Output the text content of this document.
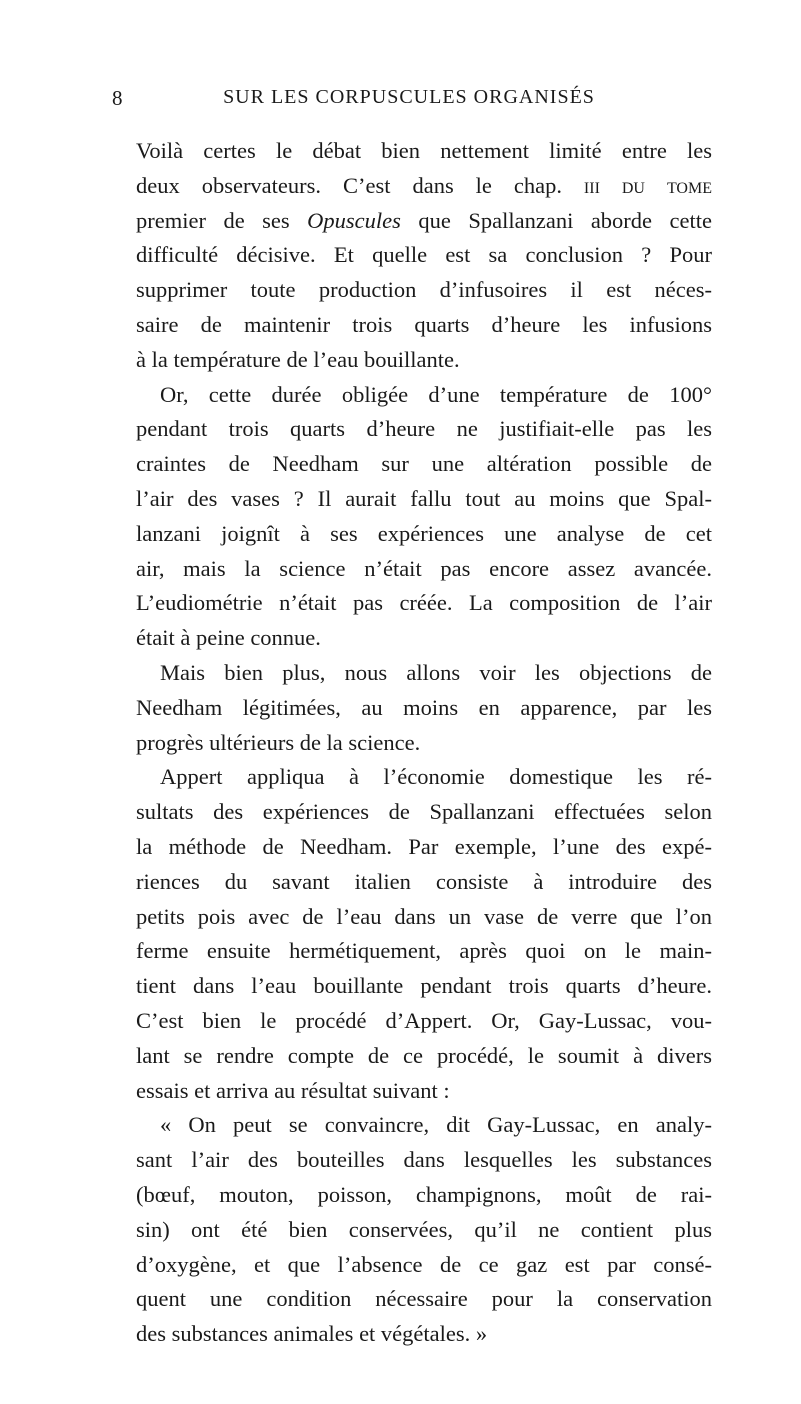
8	SUR LES CORPUSCULES ORGANISÉS
Voilà certes le débat bien nettement limité entre les
deux observateurs. C’est dans le chap. iii du tome
premier de ses Opuscules que Spallanzani aborde cette
difficulté décisive. Et quelle est sa conclusion ? Pour
supprimer toute production d’infusoires il est néces-
saire de maintenir trois quarts d’heure les infusions
à la température de l’eau bouillante.
Or, cette durée obligée d’une température de 100°
pendant trois quarts d’heure ne justifiait-elle pas les
craintes de Needham sur une altération possible de
l’air des vases ? Il aurait fallu tout au moins que Spal-
lanzani joignît à ses expériences une analyse de cet
air, mais la science n’était pas encore assez avancée.
L’eudiométrie n’était pas créée. La composition de l’air
était à peine connue.
Mais bien plus, nous allons voir les objections de
Needham légitimées, au moins en apparence, par les
progrès ultérieurs de la science.
Appert appliqua à l’économie domestique les ré-
sultats des expériences de Spallanzani effectuées selon
la méthode de Needham. Par exemple, l’une des expé-
riences du savant italien consiste à introduire des
petits pois avec de l’eau dans un vase de verre que l’on
ferme ensuite hermétiquement, après quoi on le main-
tient dans l’eau bouillante pendant trois quarts d’heure.
C’est bien le procédé d’Appert. Or, Gay-Lussac, vou-
lant se rendre compte de ce procédé, le soumit à divers
essais et arriva au résultat suivant :
« On peut se convaincre, dit Gay-Lussac, en analy-
sant l’air des bouteilles dans lesquelles les substances
(bœuf, mouton, poisson, champignons, moût de rai-
sin) ont été bien conservées, qu’il ne contient plus
d’oxygène, et que l’absence de ce gaz est par consé-
quent une condition nécessaire pour la conservation
des substances animales et végétales. »
